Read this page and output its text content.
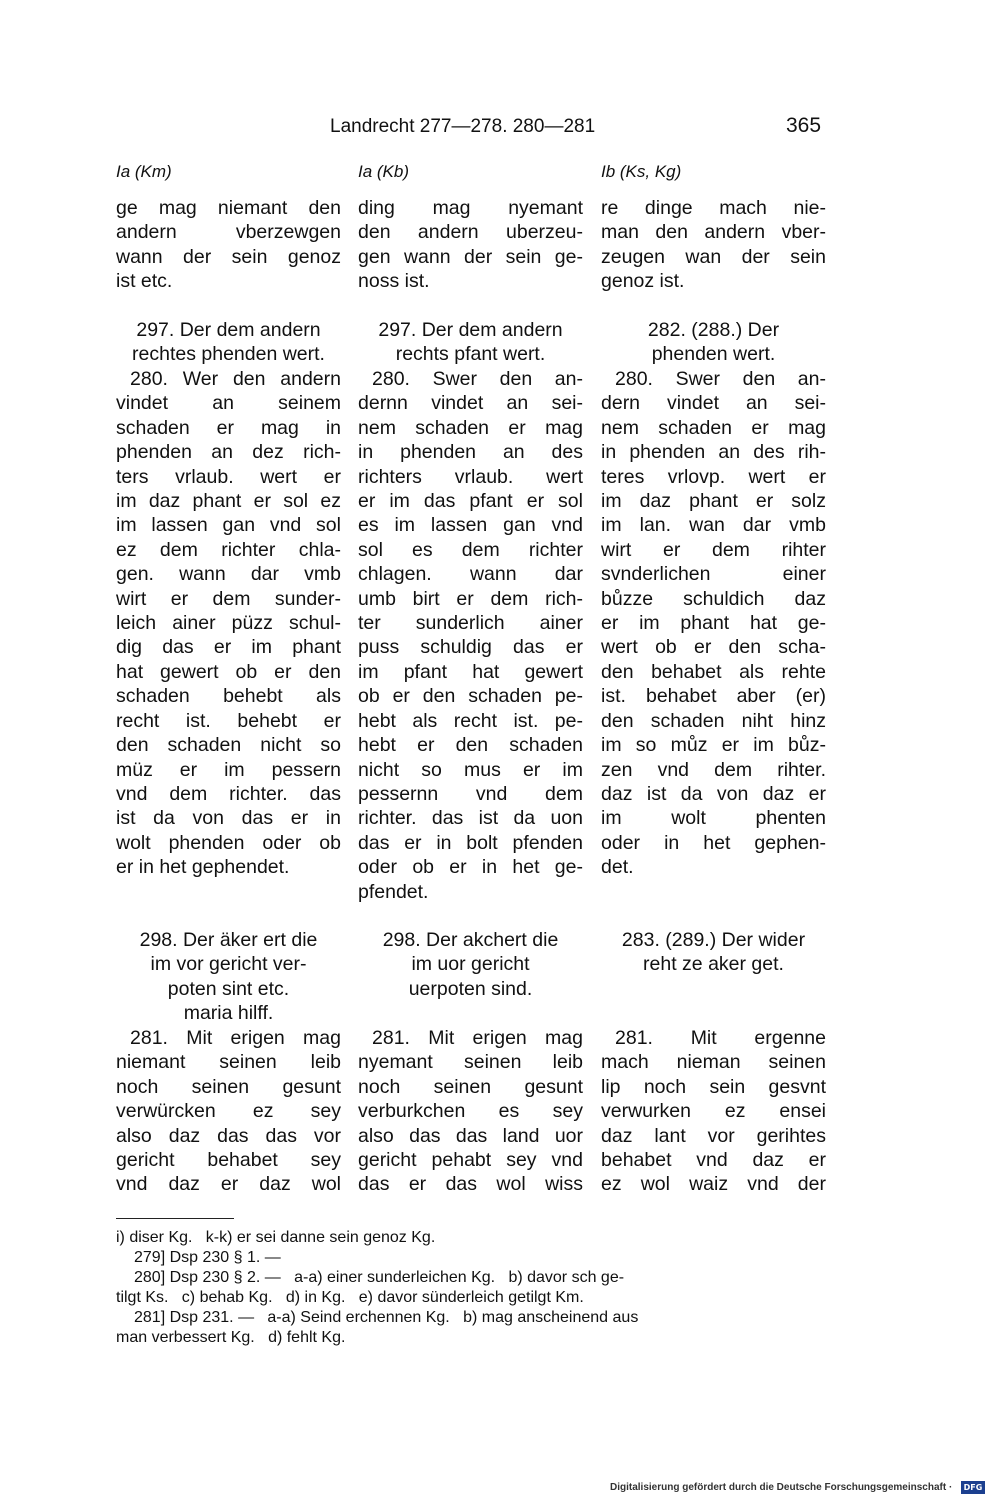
Landrecht 277—278. 280—281	365
Ia (Km)
ge mag niemant den
andern vberzewgen
wann der sein genoz
ist etc.
297. Der dem andern
rechtes phenden wert.
280. Wer den andern
vindet an seinem
schaden er mag in
phenden an dez rich-
ters vrlaub. wert er
im daz phant er sol ez
im lassen gan vnd sol
ez dem richter chla-
gen. wann dar vmb
wirt er dem sunder-
leich ainer püzz schul-
dig das er im phant
hat gewert ob er den
schaden behebt als
recht ist. behebt er
den schaden nicht so
müz er im pessern
vnd dem richter. das
ist da von das er in
wolt phenden oder ob
er in het gephendet.
298. Der äker ert die
im vor gericht ver-
poten sint etc.
maria hilff.
281. Mit erigen mag
niemant seinen leib
noch seinen gesunt
verwürcken ez sey
also daz das das vor
gericht behabet sey
vnd daz er daz wol
Ia (Kb)
ding mag nyemant
den andern uberzeu-
gen wann der sein ge-
noss ist.
297. Der dem andern
rechts pfant wert.
280. Swer den an-
dernn vindet an sei-
nem schaden er mag
in phenden an des
richters vrlaub. wert
er im das pfant er sol
es im lassen gan vnd
sol es dem richter
chlagen. wann dar
umb birt er dem rich-
ter sunderlich ainer
puss schuldig das er
im pfant hat gewert
ob er den schaden pe-
hebt als recht ist. pe-
hebt er den schaden
nicht so mus er im
pessernn vnd dem
richter. das ist da uon
das er in bolt pfenden
oder ob er in het ge-
pfendet.
298. Der akchert die
im uor gericht
uerpoten sind.
281. Mit erigen mag
nyemant seinen leib
noch seinen gesunt
verburkchen es sey
also das das land uor
gericht pehabt sey vnd
das er das wol wiss
Ib (Ks, Kg)
re dinge mach nie-
man den andern vber-
zeugen wan der sein
genoz ist.
282. (288.) Der
phenden wert.
280. Swer den an-
dern vindet an sei-
nem schaden er mag
in phenden an des rih-
teres vrlovp. wert er
im daz phant er solz
im lan. wan dar vmb
wirt er dem rihter
svnderlichen einer
bůzze schuldich daz
er im phant hat ge-
wert ob er den scha-
den behabet als rehte
ist. behabet aber (er)
den schaden niht hinz
im so můz er im bůz-
zen vnd dem rihter.
daz ist da von daz er
im wolt phenten
oder in het gephen-
det.
283. (289.) Der wider
reht ze aker get.
281. Mit ergenne
mach nieman seinen
lip noch sein gesvnt
verwurken ez ensei
daz lant vor gerihtes
behabet vnd daz er
ez wol waiz vnd der
i) diser Kg.   k-k) er sei danne sein genoz Kg.
279] Dsp 230 § 1. —
280] Dsp 230 § 2. —   a-a) einer sunderleichen Kg.   b) davor sch ge-
tilgt Ks.   c) behab Kg.   d) in Kg.   e) davor sünderleich getilgt Km.
281] Dsp 231. —   a-a) Seind erchennen Kg.   b) mag anscheinend aus
man verbessert Kg.   d) fehlt Kg.
Digitalisierung gefördert durch die Deutsche Forschungsgemeinschaft ·	DFG
